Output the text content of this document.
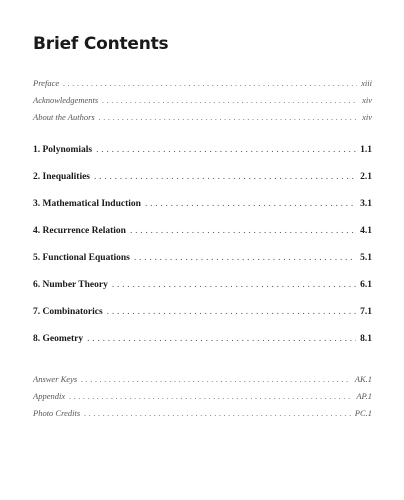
Brief Contents
Preface . . .	xiii
Acknowledgements . . .	xiv
About the Authors . . .	xiv
1. Polynomials . . .	1.1
2. Inequalities . . .	2.1
3. Mathematical Induction . . .	3.1
4. Recurrence Relation . . .	4.1
5. Functional Equations . . .	5.1
6. Number Theory . . .	6.1
7. Combinatorics . . .	7.1
8. Geometry . . .	8.1
Answer Keys . . .	AK.1
Appendix . . .	AP.1
Photo Credits . . .	PC.1
